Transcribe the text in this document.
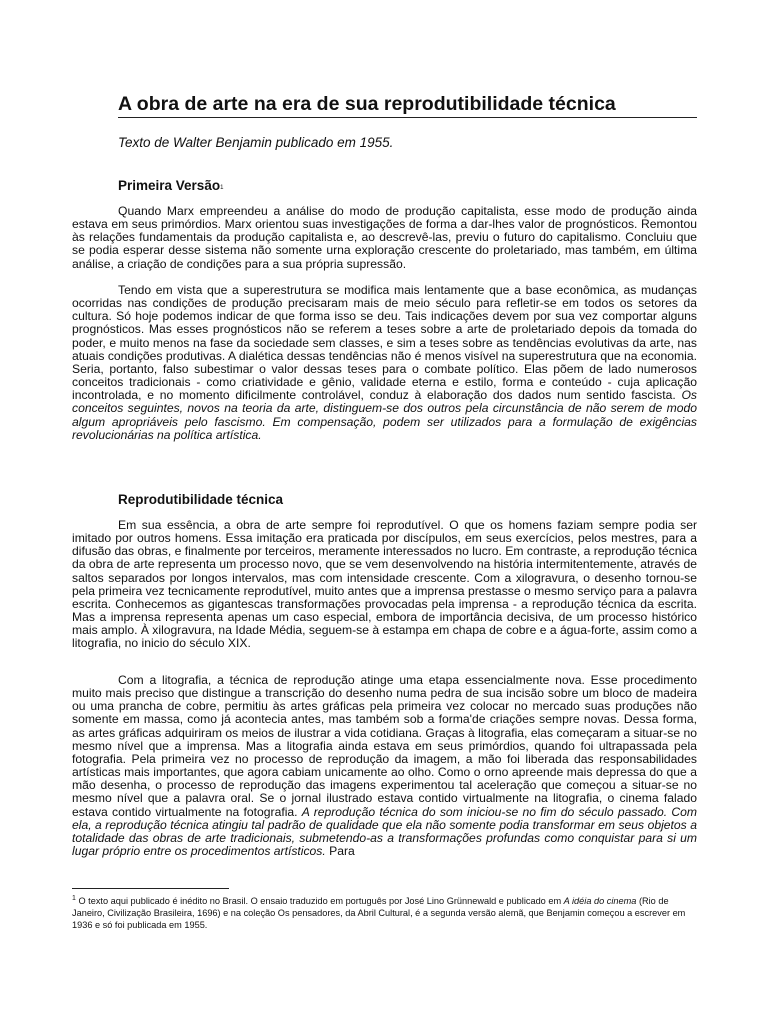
A obra de arte na era de sua reprodutibilidade técnica
Texto de Walter Benjamin publicado em 1955.
Primeira Versão$^1$

Quando Marx empreendeu a análise do modo de produção capitalista, esse modo de produção ainda estava em seus primórdios. Marx orientou suas investigações de forma a dar-lhes valor de prognósticos. Remontou às relações fundamentais da produção capitalista e, ao descrevê-las, previu o futuro do capitalismo. Concluiu que se podia esperar desse sistema não somente urna exploração crescente do proletariado, mas também, em última análise, a criação de condições para a sua própria supressão.

Tendo em vista que a superestrutura se modifica mais lentamente que a base econômica, as mudanças ocorridas nas condições de produção precisaram mais de meio século para refletir-se em todos os setores da cultura. Só hoje podemos indicar de que forma isso se deu. Tais indicações devem por sua vez comportar alguns prognósticos. Mas esses prognósticos não se referem a teses sobre a arte de proletariado depois da tomada do poder, e muito menos na fase da sociedade sem classes, e sim a teses sobre as tendências evolutivas da arte, nas atuais condições produtivas. A dialética dessas tendências não é menos visível na superestrutura que na economia. Seria, portanto, falso subestimar o valor dessas teses para o combate político. Elas põem de lado numerosos conceitos tradicionais - como criatividade e gênio, validade eterna e estilo, forma e conteúdo - cuja aplicação incontrolada, e no momento dificilmente controlável, conduz à elaboração dos dados num sentido fascista. Os conceitos seguintes, novos na teoria da arte, distinguem-se dos outros pela circunstância de não serem de modo algum apropriáveis pelo fascismo. Em compensação, podem ser utilizados para a formulação de exigências revolucionárias na política artística.

Reprodutibilidade técnica

Em sua essência, a obra de arte sempre foi reprodutível. O que os homens faziam sempre podia ser imitado por outros homens. Essa imitação era praticada por discípulos, em seus exercícios, pelos mestres, para a difusão das obras, e finalmente por terceiros, meramente interessados no lucro. Em contraste, a reprodução técnica da obra de arte representa um processo novo, que se vem desenvolvendo na história intermitentemente, através de saltos separados por longos intervalos, mas com intensidade crescente. Com a xilogravura, o desenho tornou-se pela primeira vez tecnicamente reprodutível, muito antes que a imprensa prestasse o mesmo serviço para a palavra escrita. Conhecemos as gigantescas transformações provocadas pela imprensa - a reprodução técnica da escrita. Mas a imprensa representa apenas um caso especial, embora de importância decisiva, de um processo histórico mais amplo. À xilogravura, na Idade Média, seguem-se à estampa em chapa de cobre e a água-forte, assim como a litografia, no inicio do século XIX.

Com a litografia, a técnica de reprodução atinge uma etapa essencialmente nova. Esse procedimento muito mais preciso que distingue a transcrição do desenho numa pedra de sua incisão sobre um bloco de madeira ou uma prancha de cobre, permitiu às artes gráficas pela primeira vez colocar no mercado suas produções não somente em massa, como já acontecia antes, mas também sob a forma'de criações sempre novas. Dessa forma, as artes gráficas adquiriram os meios de ilustrar a vida cotidiana. Graças à litografia, elas começaram a situar-se no mesmo nível que a imprensa. Mas a litografia ainda estava em seus primórdios, quando foi ultrapassada pela fotografia. Pela primeira vez no processo de reprodução da imagem, a mão foi liberada das responsabilidades artísticas mais importantes, que agora cabiam unicamente ao olho. Como o orno apreende mais depressa do que a mão desenha, o processo de reprodução das imagens experimentou tal aceleração que começou a situar-se no mesmo nível que a palavra oral. Se o jornal ilustrado estava contido virtualmente na litografia, o cinema falado estava contido virtualmente na fotografia. A reprodução técnica do som iniciou-se no fim do século passado. Com ela, a reprodução técnica atingiu tal padrão de qualidade que ela não somente podia transformar em seus objetos a totalidade das obras de arte tradicionais, submetendo-as a transformações profundas como conquistar para si um lugar próprio entre os procedimentos artísticos. Para

$^1$ O texto aqui publicado é inédito no Brasil. O ensaio traduzido em português por José Lino Grünnewald e publicado em A idéia do cinema (Rio de Janeiro, Civilização Brasileira, 1696) e na coleção Os pensadores, da Abril Cultural, é a segunda versão alemã, que Benjamin começou a escrever em 1936 e só foi publicada em 1955.
